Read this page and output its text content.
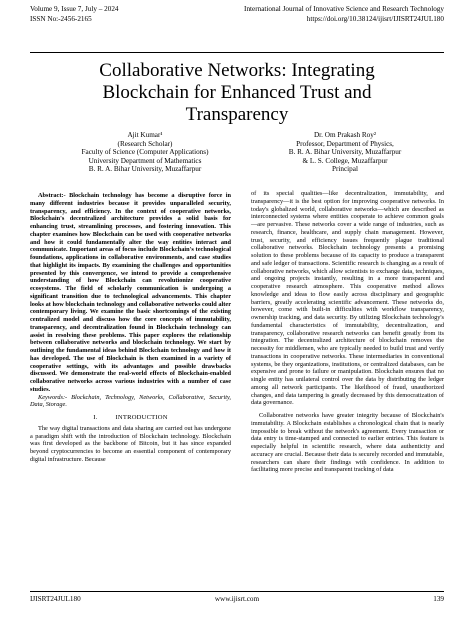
Volume 9, Issue 7, July – 2024
ISSN No:-2456-2165
International Journal of Innovative Science and Research Technology
https://doi.org/10.38124/ijisrt/IJISRT24JUL180
Collaborative Networks: Integrating
Blockchain for Enhanced Trust and
Transparency
Ajit Kumar¹
(Research Scholar)
Faculty of Science (Computer Applications)
University Department of Mathematics
B. R. A. Bihar University, Muzaffarpur
Dr. Om Prakash Roy²
Professor, Department of Physics,
B. R. A. Bihar University, Muzaffarpur
& L. S. College, Muzaffarpur
Principal

Abstract:- Blockchain technology has become a disruptive force in many different industries because it provides unparalleled security, transparency, and efficiency. In the context of cooperative networks, Blockchain's decentralized architecture provides a solid basis for enhancing trust, streamlining processes, and fostering innovation. This chapter examines how Blockchain can be used with cooperative networks and how it could fundamentally alter the way entities interact and communicate. Important areas of focus include Blockchain's technological foundations, applications in collaborative environments, and case studies that highlight its impacts. By examining the challenges and opportunities presented by this convergence, we intend to provide a comprehensive understanding of how Blockchain can revolutionize cooperative ecosystems. The field of scholarly communication is undergoing a significant transition due to technological advancements. This chapter looks at how blockchain technology and collaborative networks could alter contemporary living. We examine the basic shortcomings of the existing centralized model and discuss how the core concepts of immutability, transparency, and decentralization found in Blockchain technology can assist in resolving these problems. This paper explores the relationship between collaborative networks and blockchain technology. We start by outlining the fundamental ideas behind Blockchain technology and how it has developed. The use of Blockchain is then examined in a variety of cooperative settings, with its advantages and possible drawbacks discussed. We demonstrate the real-world effects of Blockchain-enabled collaborative networks across various industries with a number of case studies.

Keywords:- Blockchain, Technology, Networks, Collaborative, Security, Data, Storage.

I.	INTRODUCTION

The way digital transactions and data sharing are carried out has undergone a paradigm shift with the introduction of Blockchain technology. Blockchain was first developed as the backbone of Bitcoin, but it has since expanded beyond cryptocurrencies to become an essential component of contemporary digital infrastructure. Because

of its special qualities—like decentralization, immutability, and transparency—it is the best option for improving cooperative networks. In today's globalized world, collaborative networks—which are described as interconnected systems where entities cooperate to achieve common goals—are pervasive. These networks cover a wide range of industries, such as research, finance, healthcare, and supply chain management. However, trust, security, and efficiency issues frequently plague traditional collaborative networks. Blockchain technology presents a promising solution to these problems because of its capacity to produce a transparent and safe ledger of transactions. Scientific research is changing as a result of collaborative networks, which allow scientists to exchange data, techniques, and ongoing projects instantly, resulting in a more transparent and cooperative research atmosphere. This cooperative method allows knowledge and ideas to flow easily across disciplinary and geographic barriers, greatly accelerating scientific advancement. These networks do, however, come with built-in difficulties with workflow transparency, ownership tracking, and data security. By utilizing Blockchain technology's fundamental characteristics of immutability, decentralization, and transparency, collaborative research networks can benefit greatly from its integration. The decentralized architecture of blockchain removes the necessity for middlemen, who are typically needed to build trust and verify transactions in cooperative networks. These intermediaries in conventional systems, be they organizations, institutions, or centralized databases, can be expensive and prone to failure or manipulation. Blockchain ensures that no single entity has unilateral control over the data by distributing the ledger among all network participants. The likelihood of fraud, unauthorized changes, and data tampering is greatly decreased by this democratization of data governance.

Collaborative networks have greater integrity because of Blockchain's immutability. A Blockchain establishes a chronological chain that is nearly impossible to break without the network's agreement. Every transaction or data entry is time-stamped and connected to earlier entries. This feature is especially helpful in scientific research, where data authenticity and accuracy are crucial. Because their data is securely recorded and immutable, researchers can share their findings with confidence. In addition to facilitating more precise and transparent tracking of data

IJISRT24JUL180	www.ijisrt.com	139
